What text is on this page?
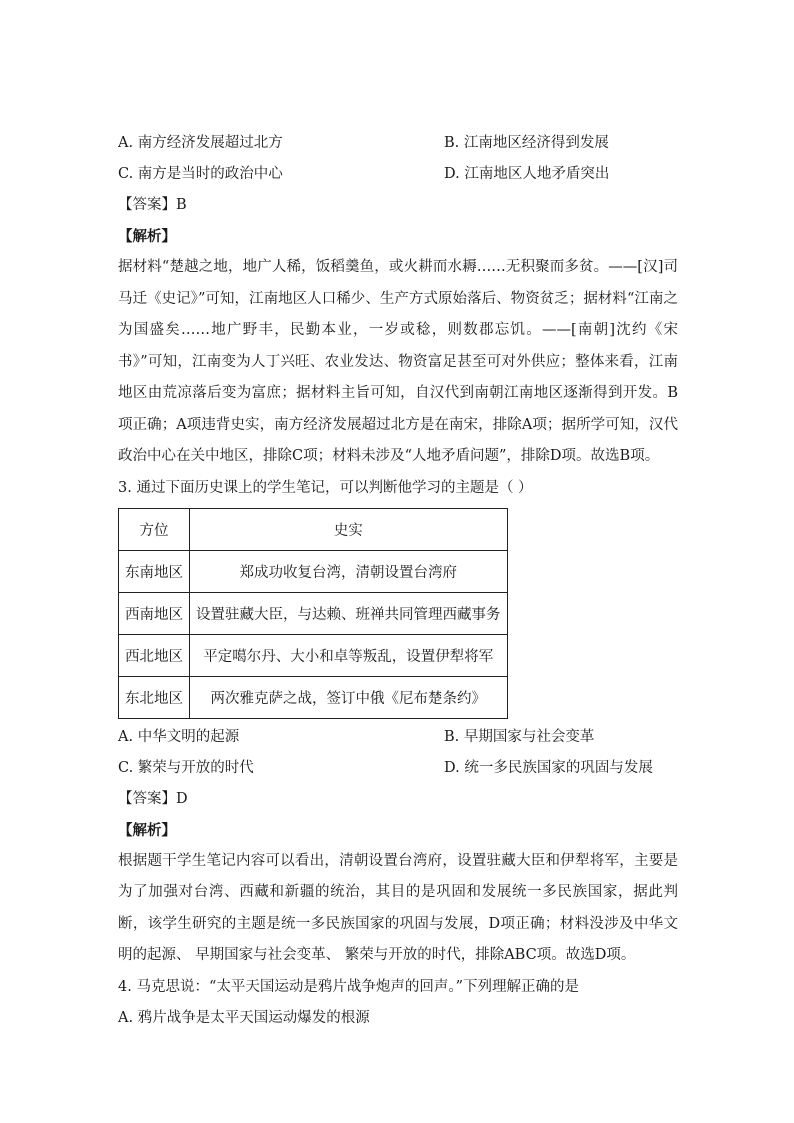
A. 南方经济发展超过北方	B. 江南地区经济得到发展
C. 南方是当时的政治中心	D. 江南地区人地矛盾突出
【答案】B
【解析】
据材料“楚越之地，地广人稀，饭稻羹鱼，或火耕而水耨……无积聚而多贫。——[汉]司马迁《史记》”可知，江南地区人口稀少、生产方式原始落后、物资贫乏；据材料“江南之为国盛矣……地广野丰，民勤本业，一岁或稔，则数郡忘饥。——[南朝]沈约《宋书》”可知，江南变为人丁兴旺、农业发达、物资富足甚至可对外供应；整体来看，江南地区由荒凉落后变为富庶；据材料主旨可知，自汉代到南朝江南地区逐渐得到开发。B项正确；A项违背史实，南方经济发展超过北方是在南宋，排除A项；据所学可知，汉代政治中心在关中地区，排除C项；材料未涉及“人地矛盾问题”，排除D项。故选B项。
3. 通过下面历史课上的学生笔记，可以判断他学习的主题是（ ）
方位	史实
东南地区	郑成功收复台湾，清朝设置台湾府
西南地区	设置驻藏大臣，与达赖、班禅共同管理西藏事务
西北地区	平定噶尔丹、大小和卓等叛乱，设置伊犁将军
东北地区	两次雅克萨之战，签订中俄《尼布楚条约》
A. 中华文明的起源	B. 早期国家与社会变革
C. 繁荣与开放的时代	D. 统一多民族国家的巩固与发展
【答案】D
【解析】
根据题干学生笔记内容可以看出，清朝设置台湾府，设置驻藏大臣和伊犁将军，主要是为了加强对台湾、西藏和新疆的统治，其目的是巩固和发展统一多民族国家，据此判断，该学生研究的主题是统一多民族国家的巩固与发展，D项正确；材料没涉及中华文明的起源、 早期国家与社会变革、 繁荣与开放的时代，排除ABC项。故选D项。
4. 马克思说：“太平天国运动是鸦片战争炮声的回声。”下列理解正确的是
A. 鸦片战争是太平天国运动爆发的根源
